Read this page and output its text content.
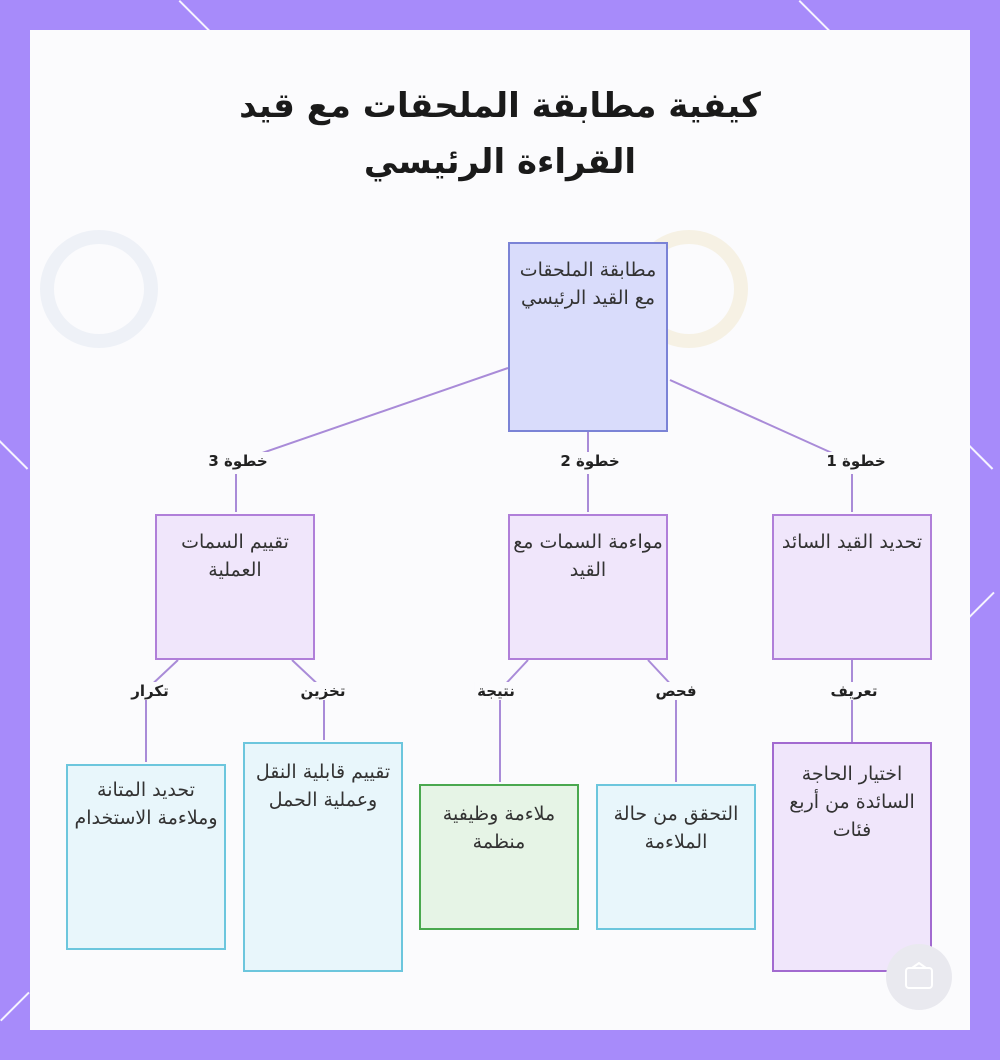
كيفية مطابقة الملحقات مع قيد
القراءة الرئيسي
مطابقة الملحقات مع القيد الرئيسي
تحديد القيد السائد
مواءمة السمات مع القيد
تقييم السمات العملية
اختيار الحاجة السائدة من أربع فئات
التحقق من حالة الملاءمة
ملاءمة وظيفية منظمة
تقييم قابلية النقل وعملية الحمل
تحديد المتانة وملاءمة الاستخدام
خطوة 1
خطوة 2
خطوة 3
تعريف
فحص
نتيجة
تخزين
تكرار
